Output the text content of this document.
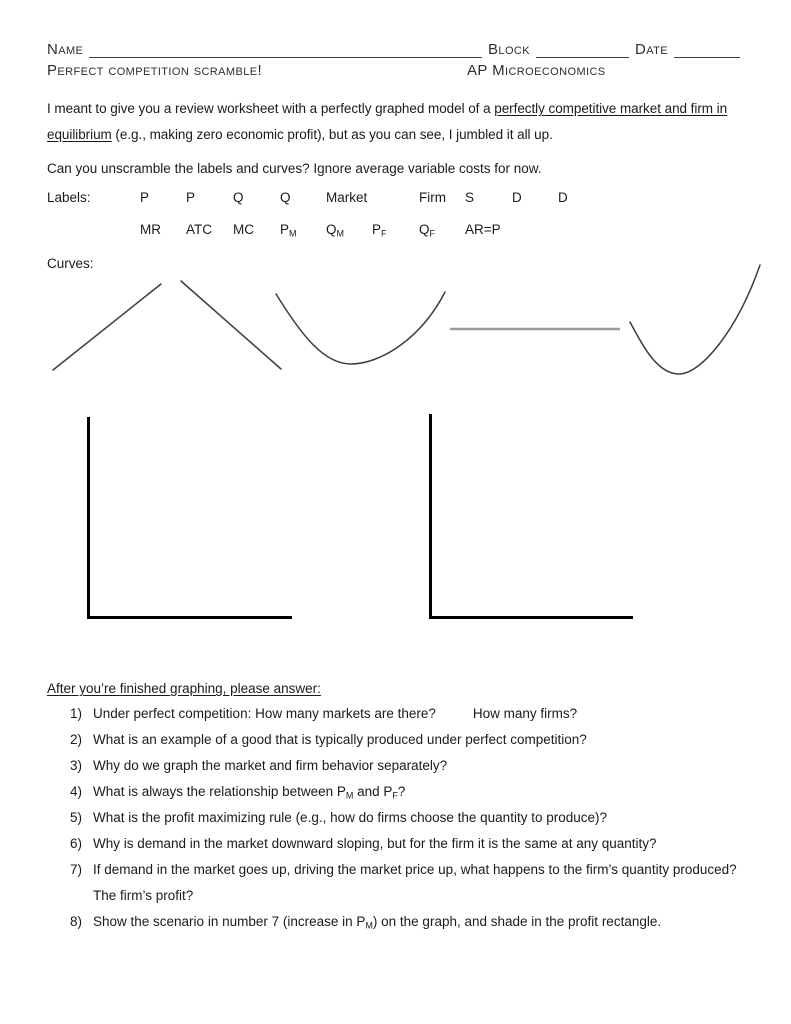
Name	Block	Date
Perfect competition scramble!	AP Microeconomics
I meant to give you a review worksheet with a perfectly graphed model of a perfectly competitive market and firm in
equilibrium (e.g., making zero economic profit), but as you can see, I jumbled it all up.
Can you unscramble the labels and curves? Ignore average variable costs for now.
Labels:	P	P	Q	Q	Market	Firm S	D	D
MR ATC MC $P_M$ $Q_M$ $P_F$ $Q_F$ AR=P
Curves:
After you’re finished graphing, please answer:
1) Under perfect competition: How many markets are there?	How many firms?
2) What is an example of a good that is typically produced under perfect competition?
3) Why do we graph the market and firm behavior separately?
4) What is always the relationship between $P_M$ and $P_F$?
5) What is the profit maximizing rule (e.g., how do firms choose the quantity to produce)?
6) Why is demand in the market downward sloping, but for the firm it is the same at any quantity?
7) If demand in the market goes up, driving the market price up, what happens to the firm’s quantity produced?
The firm’s profit?
8) Show the scenario in number 7 (increase in $P_M$) on the graph, and shade in the profit rectangle.
